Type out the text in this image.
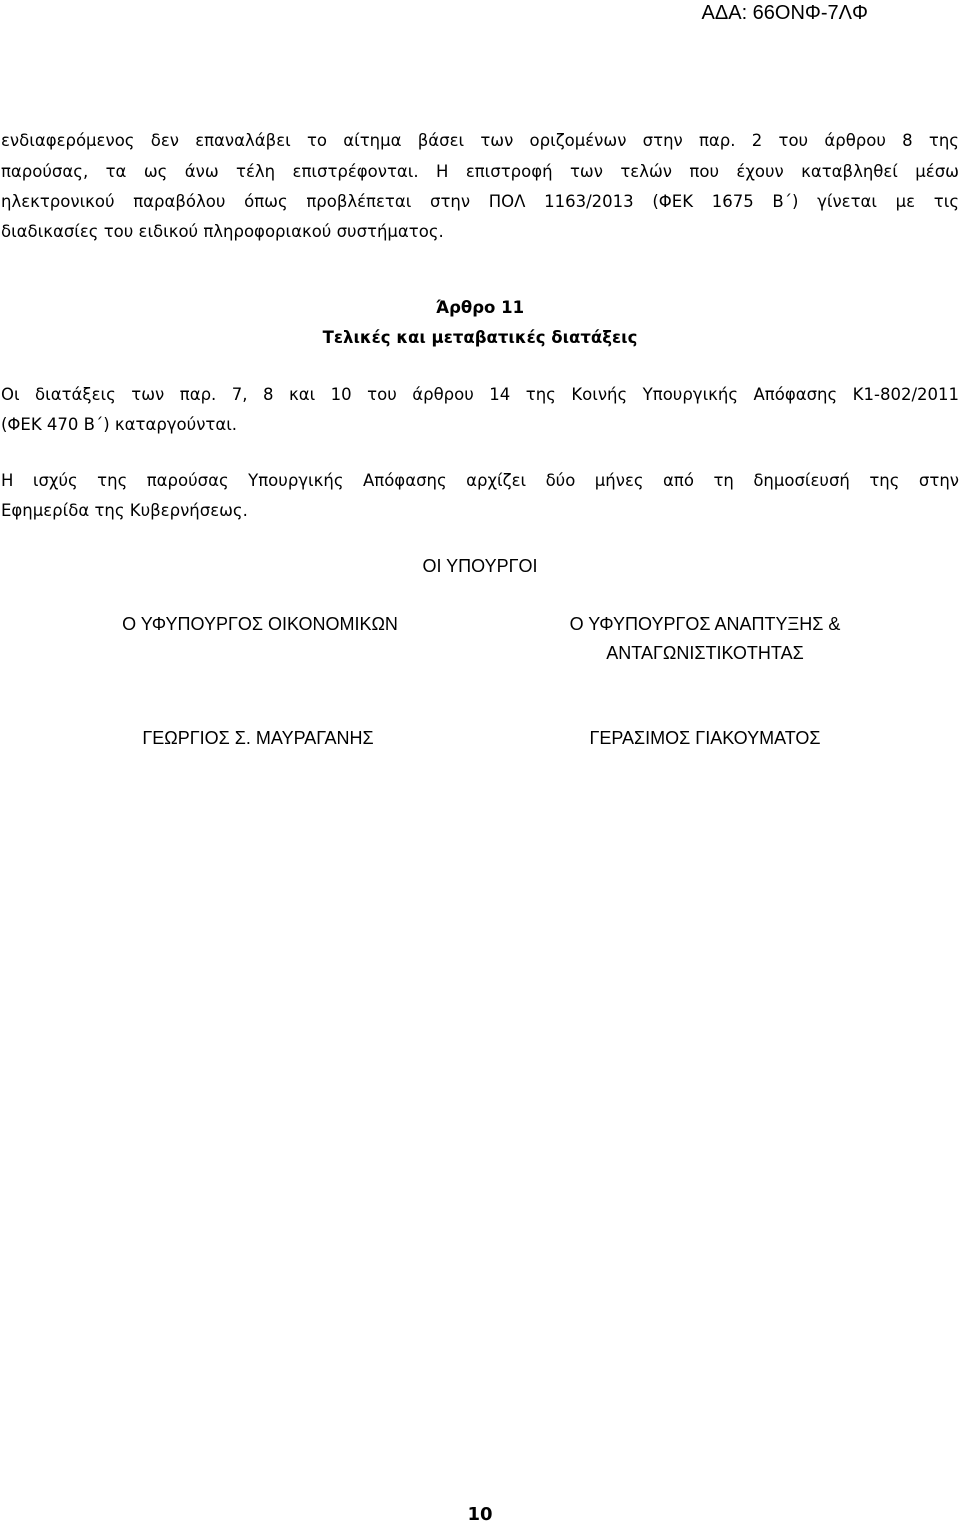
ΑΔΑ: 66ΟΝΦ-7ΛΦ
ενδιαφερόμενος δεν επαναλάβει το αίτημα βάσει των οριζομένων στην παρ. 2 του άρθρου 8 της
παρούσας, τα ως άνω τέλη επιστρέφονται. Η επιστροφή των τελών που έχουν καταβληθεί μέσω
ηλεκτρονικού παραβόλου όπως προβλέπεται στην ΠΟΛ 1163/2013 (ΦΕΚ 1675 Β΄) γίνεται με τις
διαδικασίες του ειδικού πληροφοριακού συστήματος.
Άρθρο 11
Τελικές και μεταβατικές διατάξεις
Οι διατάξεις των παρ. 7, 8 και 10 του άρθρου 14 της Κοινής Υπουργικής Απόφασης Κ1-802/2011
(ΦΕΚ 470 Β΄) καταργούνται.
Η ισχύς της παρούσας Υπουργικής Απόφασης αρχίζει δύο μήνες από τη δημοσίευσή της στην
Εφημερίδα της Κυβερνήσεως.
ΟΙ ΥΠΟΥΡΓΟΙ
Ο ΥΦΥΠΟΥΡΓΟΣ ΟΙΚΟΝΟΜΙΚΩΝ	Ο ΥΦΥΠΟΥΡΓΟΣ ΑΝΑΠΤΥΞΗΣ &
ΑΝΤΑΓΩΝΙΣΤΙΚΟΤΗΤΑΣ
ΓΕΩΡΓΙΟΣ Σ. ΜΑΥΡΑΓΑΝΗΣ	ΓΕΡΑΣΙΜΟΣ ΓΙΑΚΟΥΜΑΤΟΣ
10
